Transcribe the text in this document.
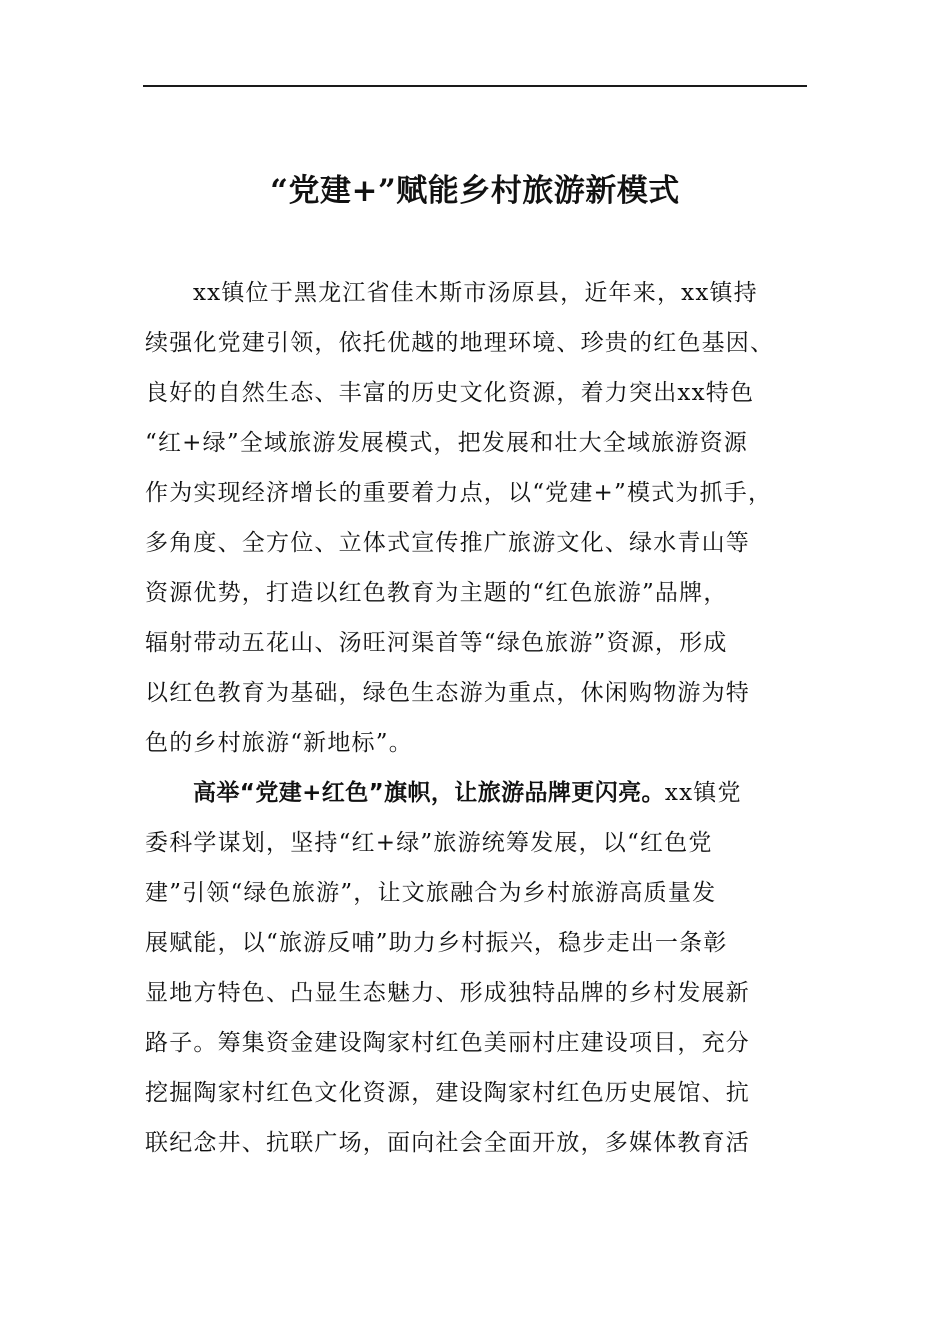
“党建+”赋能乡村旅游新模式
xx镇位于黑龙江省佳木斯市汤原县，近年来，xx镇持
续强化党建引领，依托优越的地理环境、珍贵的红色基因、
良好的自然生态、丰富的历史文化资源，着力突出xx特色
“红+绿”全域旅游发展模式，把发展和壮大全域旅游资源
作为实现经济增长的重要着力点，以“党建+”模式为抓手，
多角度、全方位、立体式宣传推广旅游文化、绿水青山等
资源优势，打造以红色教育为主题的“红色旅游”品牌，
辐射带动五花山、汤旺河渠首等“绿色旅游”资源，形成
以红色教育为基础，绿色生态游为重点，休闲购物游为特
色的乡村旅游“新地标”。
高举“党建+红色”旗帜，让旅游品牌更闪亮。xx镇党
委科学谋划，坚持“红+绿”旅游统筹发展，以“红色党
建”引领“绿色旅游”，让文旅融合为乡村旅游高质量发
展赋能，以“旅游反哺”助力乡村振兴，稳步走出一条彰
显地方特色、凸显生态魅力、形成独特品牌的乡村发展新
路子。筹集资金建设陶家村红色美丽村庄建设项目，充分
挖掘陶家村红色文化资源，建设陶家村红色历史展馆、抗
联纪念井、抗联广场，面向社会全面开放，多媒体教育活
